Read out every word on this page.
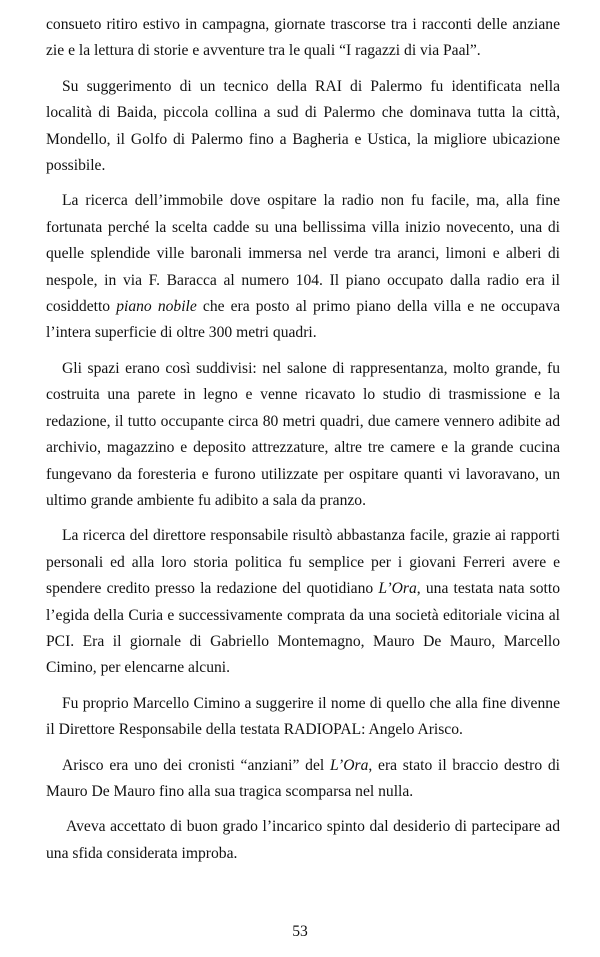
consueto ritiro estivo in campagna, giornate trascorse tra i racconti delle anziane zie e la lettura di storie e avventure tra le quali “I ragazzi di via Paal”.

Su suggerimento di un tecnico della RAI di Palermo fu identificata nella località di Baida, piccola collina a sud di Palermo che dominava tutta la città, Mondello, il Golfo di Palermo fino a Bagheria e Ustica, la migliore ubicazione possibile.

La ricerca dell’immobile dove ospitare la radio non fu facile, ma, alla fine fortunata perché la scelta cadde su una bellissima villa inizio novecento, una di quelle splendide ville baronali immersa nel verde tra aranci, limoni e alberi di nespole, in via F. Baracca al numero 104. Il piano occupato dalla radio era il cosiddetto piano nobile che era posto al primo piano della villa e ne occupava l’intera superficie di oltre 300 metri quadri.

Gli spazi erano così suddivisi: nel salone di rappresentanza, molto grande, fu costruita una parete in legno e venne ricavato lo studio di trasmissione e la redazione, il tutto occupante circa 80 metri quadri, due camere vennero adibite ad archivio, magazzino e deposito attrezzature, altre tre camere e la grande cucina fungevano da foresteria e furono utilizzate per ospitare quanti vi lavoravano, un ultimo grande ambiente fu adibito a sala da pranzo.

La ricerca del direttore responsabile risultò abbastanza facile, grazie ai rapporti personali ed alla loro storia politica fu semplice per i giovani Ferreri avere e spendere credito presso la redazione del quotidiano L’Ora, una testata nata sotto l’egida della Curia e successivamente comprata da una società editoriale vicina al PCI. Era il giornale di Gabriello Montemagno, Mauro De Mauro, Marcello Cimino, per elencarne alcuni.

Fu proprio Marcello Cimino a suggerire il nome di quello che alla fine divenne il Direttore Responsabile della testata RADIOPAL: Angelo Arisco.

Arisco era uno dei cronisti “anziani” del L’Ora, era stato il braccio destro di Mauro De Mauro fino alla sua tragica scomparsa nel nulla.

Aveva accettato di buon grado l’incarico spinto dal desiderio di partecipare ad una sfida considerata improba.

53
